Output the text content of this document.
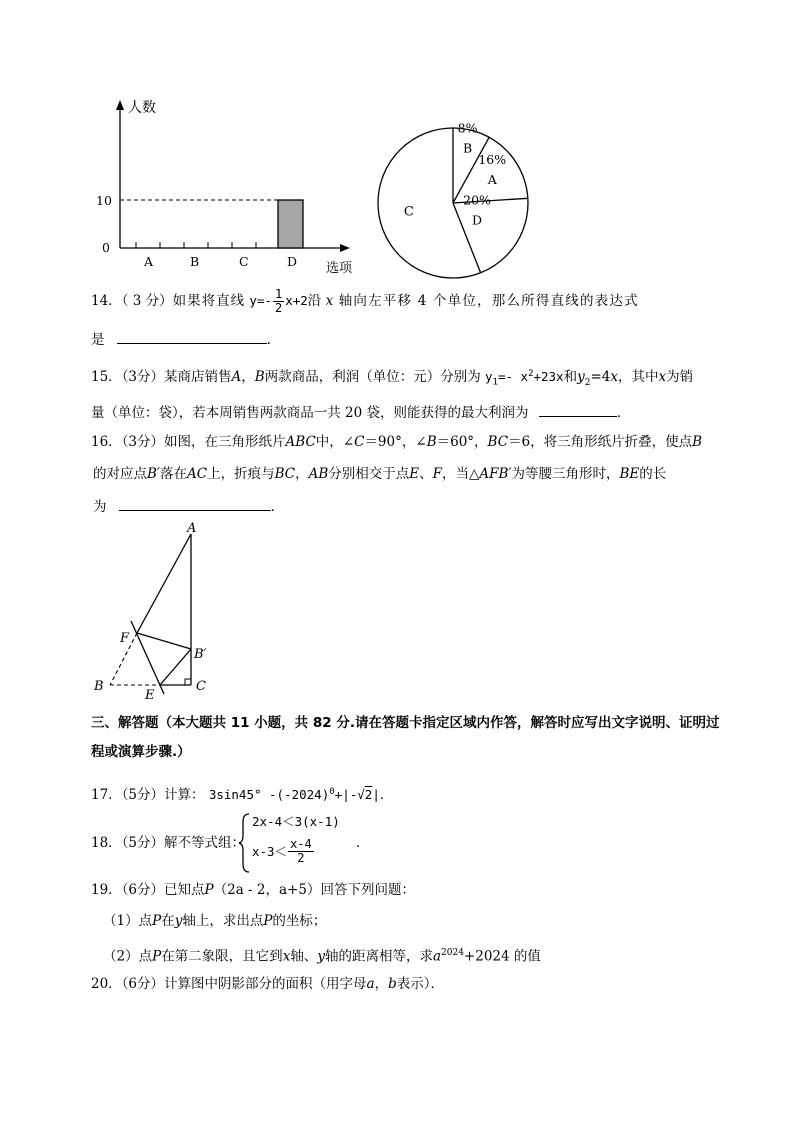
人数
选项
10
0
A	B	C	D
8%
B
16%
A
20%
D
C
14．（ 3 分）如果将直线 $y=- \frac{1}{2} x+2$沿 x 轴向左平移 4 个单位，那么所得直线的表达式
是	．
15．（3分）某商店销售A，B两款商品，利润（单位：元）分别为 $y_1=-$ $x^2+23x$和$y_2=4x$，其中x为销
量（单位：袋），若本周销售两款商品一共 20 袋，则能获得的最大利润为	．
16．（3分）如图，在三角形纸片ABC中，∠C＝90°，∠B＝60°，BC＝6，将三角形纸片折叠，使点B
的对应点B′落在AC上，折痕与BC，AB分别相交于点E、F，当△AFB′为等腰三角形时，BE的长
为	．
A
F
B′
B
E
C
三、解答题（本大题共 11 小题，共 82 分.请在答题卡指定区域内作答，解答时应写出文字说明、证明过
程或演算步骤.）
17．（5分）计算： 3sin45° $-(-2024)^0+|-√2|$．
18．（5分）解不等式组：
2x-4＜3(x-1)
$x-3< \frac{x-4}{2}$	．
19．（6分）已知点P（2a - 2，a+5）回答下列问题：
（1）点P在y轴上，求出点P的坐标；
（2）点P在第二象限，且它到x轴、y轴的距离相等，求$a^{2024}+2024$ 的值
20．（6分）计算图中阴影部分的面积（用字母a，b表示）．
